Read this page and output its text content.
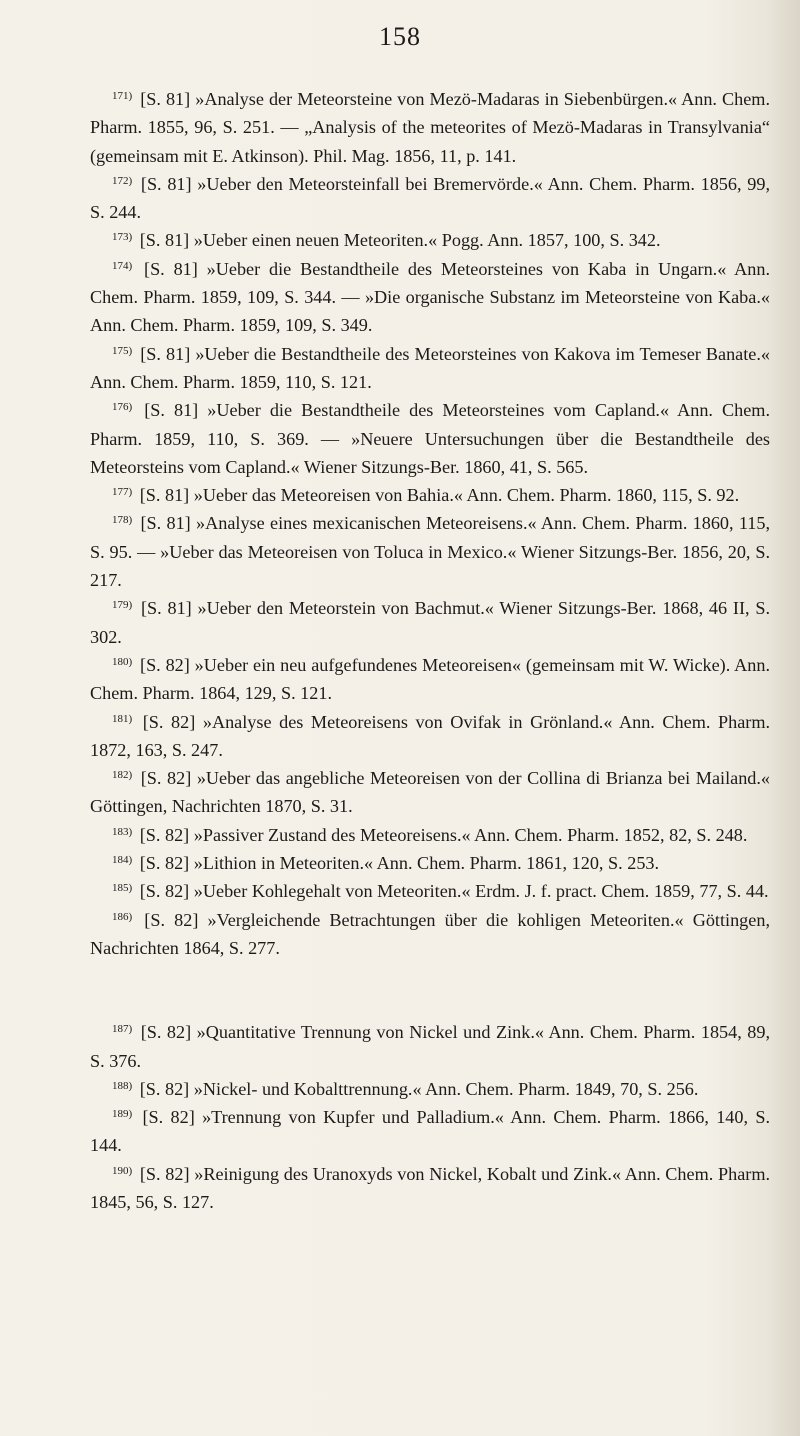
158

$^{171)}$ [S. 81] »Analyse der Meteorsteine von Mezö-Madaras in Siebenbürgen.« Ann. Chem. Pharm. 1855, 96, S. 251. — „Analysis of the meteorites of Mezö-Madaras in Transylvania“ (gemeinsam mit E. Atkinson). Phil. Mag. 1856, 11, p. 141.

$^{172)}$ [S. 81] »Ueber den Meteorsteinfall bei Bremervörde.« Ann. Chem. Pharm. 1856, 99, S. 244.

$^{173)}$ [S. 81] »Ueber einen neuen Meteoriten.« Pogg. Ann. 1857, 100, S. 342.

$^{174)}$ [S. 81] »Ueber die Bestandtheile des Meteorsteines von Kaba in Ungarn.« Ann. Chem. Pharm. 1859, 109, S. 344. — »Die organische Substanz im Meteorsteine von Kaba.« Ann. Chem. Pharm. 1859, 109, S. 349.

$^{175)}$ [S. 81] »Ueber die Bestandtheile des Meteorsteines von Kakova im Temeser Banate.« Ann. Chem. Pharm. 1859, 110, S. 121.

$^{176)}$ [S. 81] »Ueber die Bestandtheile des Meteorsteines vom Capland.« Ann. Chem. Pharm. 1859, 110, S. 369. — »Neuere Untersuchungen über die Bestandtheile des Meteorsteins vom Capland.« Wiener Sitzungs-Ber. 1860, 41, S. 565.

$^{177)}$ [S. 81] »Ueber das Meteoreisen von Bahia.« Ann. Chem. Pharm. 1860, 115, S. 92.

$^{178)}$ [S. 81] »Analyse eines mexicanischen Meteoreisens.« Ann. Chem. Pharm. 1860, 115, S. 95. — »Ueber das Meteoreisen von Toluca in Mexico.« Wiener Sitzungs-Ber. 1856, 20, S. 217.

$^{179)}$ [S. 81] »Ueber den Meteorstein von Bachmut.« Wiener Sitzungs-Ber. 1868, 46 II, S. 302.

$^{180)}$ [S. 82] »Ueber ein neu aufgefundenes Meteoreisen« (gemeinsam mit W. Wicke). Ann. Chem. Pharm. 1864, 129, S. 121.

$^{181)}$ [S. 82] »Analyse des Meteoreisens von Ovifak in Grönland.« Ann. Chem. Pharm. 1872, 163, S. 247.

$^{182)}$ [S. 82] »Ueber das angebliche Meteoreisen von der Collina di Brianza bei Mailand.« Göttingen, Nachrichten 1870, S. 31.

$^{183)}$ [S. 82] »Passiver Zustand des Meteoreisens.« Ann. Chem. Pharm. 1852, 82, S. 248.

$^{184)}$ [S. 82] »Lithion in Meteoriten.« Ann. Chem. Pharm. 1861, 120, S. 253.

$^{185)}$ [S. 82] »Ueber Kohlegehalt von Meteoriten.« Erdm. J. f. pract. Chem. 1859, 77, S. 44.

$^{186)}$ [S. 82] »Vergleichende Betrachtungen über die kohligen Meteoriten.« Göttingen, Nachrichten 1864, S. 277.

$^{187)}$ [S. 82] »Quantitative Trennung von Nickel und Zink.« Ann. Chem. Pharm. 1854, 89, S. 376.

$^{188)}$ [S. 82] »Nickel- und Kobalttrennung.« Ann. Chem. Pharm. 1849, 70, S. 256.

$^{189)}$ [S. 82] »Trennung von Kupfer und Palladium.« Ann. Chem. Pharm. 1866, 140, S. 144.

$^{190)}$ [S. 82] »Reinigung des Uranoxyds von Nickel, Kobalt und Zink.« Ann. Chem. Pharm. 1845, 56, S. 127.
